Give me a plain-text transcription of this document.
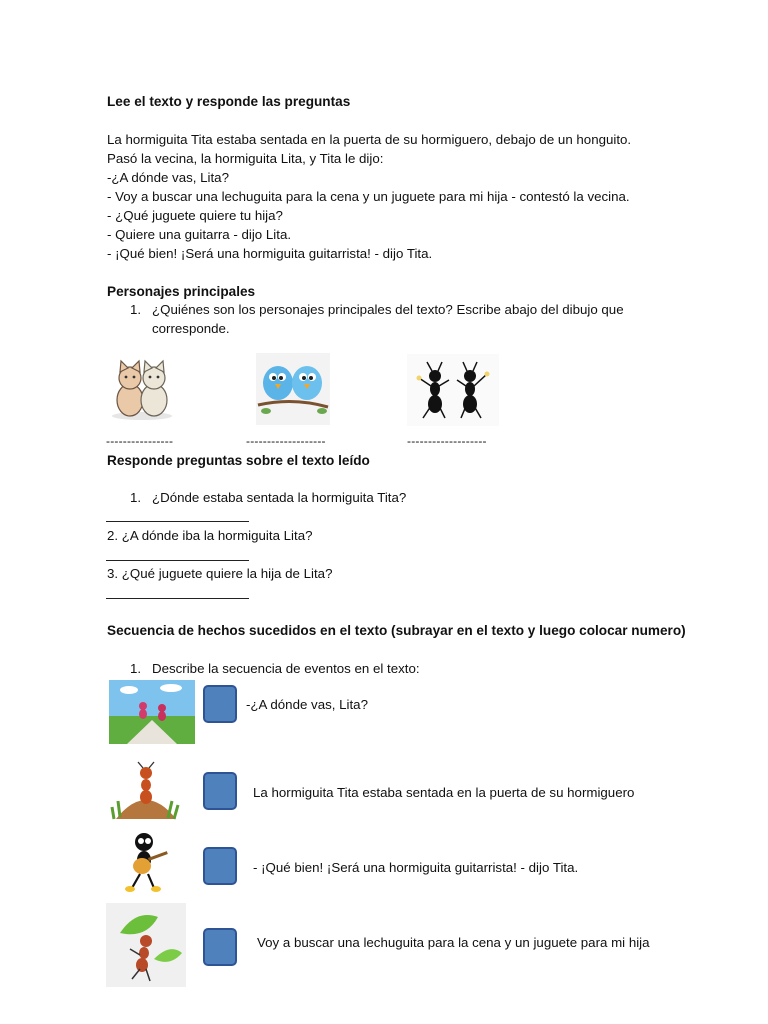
Lee el texto y responde las preguntas
La hormiguita Tita estaba sentada en la puerta de su hormiguero, debajo de un honguito.
Pasó la vecina, la hormiguita Lita, y Tita le dijo:
-¿A dónde vas, Lita?
- Voy a buscar una lechuguita para la cena y un juguete para mi hija - contestó la vecina.
- ¿Qué juguete quiere tu hija?
- Quiere una guitarra - dijo Lita.
- ¡Qué bien! ¡Será una hormiguita guitarrista! - dijo Tita.
Personajes principales
1. ¿Quiénes son los personajes principales del texto? Escribe abajo del dibujo que
corresponde.
----------------	-------------------	-------------------
Responde preguntas sobre el texto leído
1. ¿Dónde estaba sentada la hormiguita Tita?
2. ¿A dónde iba la hormiguita Lita?
3. ¿Qué juguete quiere la hija de Lita?
Secuencia de hechos sucedidos en el texto (subrayar en el texto y luego colocar numero)
1. Describe la secuencia de eventos en el texto:
-¿A dónde vas, Lita?
La hormiguita Tita estaba sentada en la puerta de su hormiguero
- ¡Qué bien! ¡Será una hormiguita guitarrista! - dijo Tita.
Voy a buscar una lechuguita para la cena y un juguete para mi hija
